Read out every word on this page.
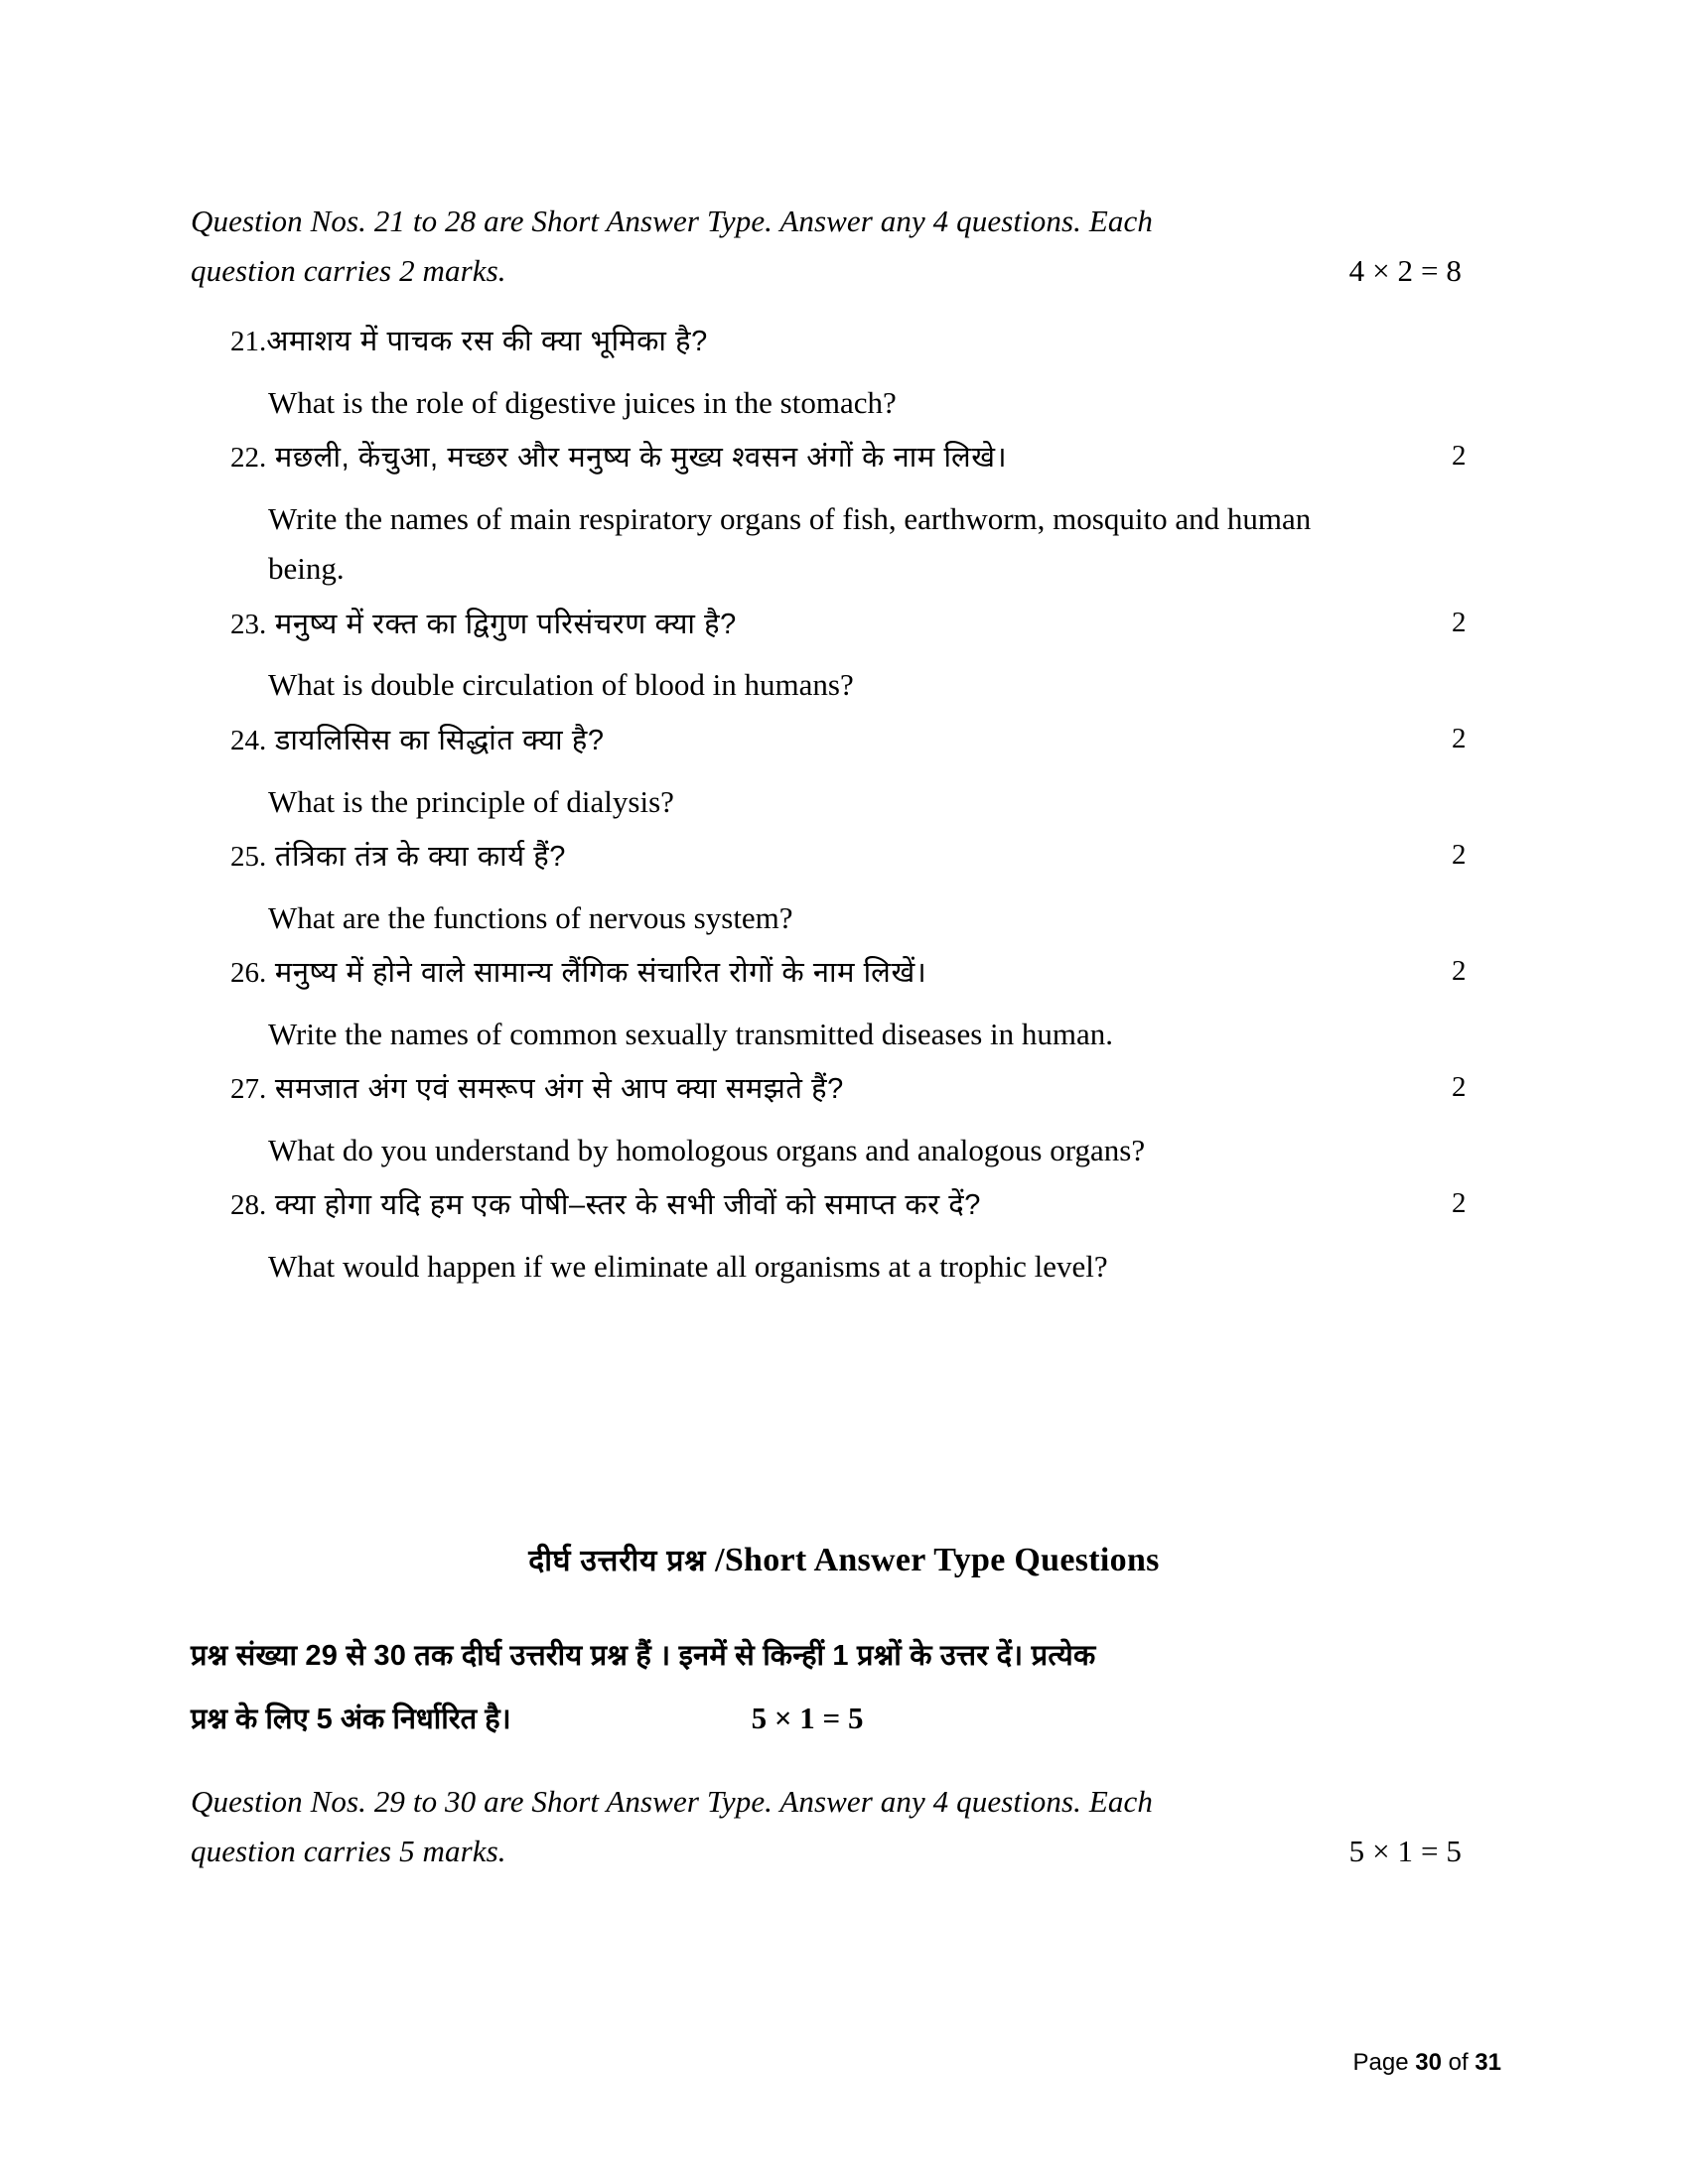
Question Nos. 21 to 28 are Short Answer Type. Answer any 4 questions. Each
question carries 2 marks.	4 × 2 = 8
21.अमाशय में पाचक रस की क्या भूमिका है?
What is the role of digestive juices in the stomach?
22. मछली, केंचुआ, मच्छर और मनुष्य के मुख्य श्वसन अंगों के नाम लिखे।
Write the names of main respiratory organs of fish, earthworm, mosquito and human being.
2
23. मनुष्य में रक्त का द्विगुण परिसंचरण क्या है?
What is double circulation of blood in humans?
2
24. डायलिसिस का सिद्धांत क्या है?
What is the principle of dialysis?
2
25. तंत्रिका तंत्र के क्या कार्य हैं?
What are the functions of nervous system?
2
26. मनुष्य में होने वाले सामान्य लैंगिक संचारित रोगों के नाम लिखें।
Write the names of common sexually transmitted diseases in human.
2
27. समजात अंग एवं समरूप अंग से आप क्या समझते हैं?
What do you understand by homologous organs and analogous organs?
2
28. क्या होगा यदि हम एक पोषी–स्तर के सभी जीवों को समाप्त कर दें?
What would happen if we eliminate all organisms at a trophic level?
2
दीर्घ उत्तरीय प्रश्न /Short Answer Type Questions
प्रश्न संख्या 29 से 30 तक दीर्घ उत्तरीय प्रश्न हैं । इनमें से किन्हीं 1 प्रश्नों के उत्तर दें। प्रत्येक
प्रश्न के लिए 5 अंक निर्धारित है।	5 × 1 = 5
Question Nos. 29 to 30 are Short Answer Type. Answer any 4 questions. Each
question carries 5 marks.	5 × 1 = 5
Page 30 of 31
